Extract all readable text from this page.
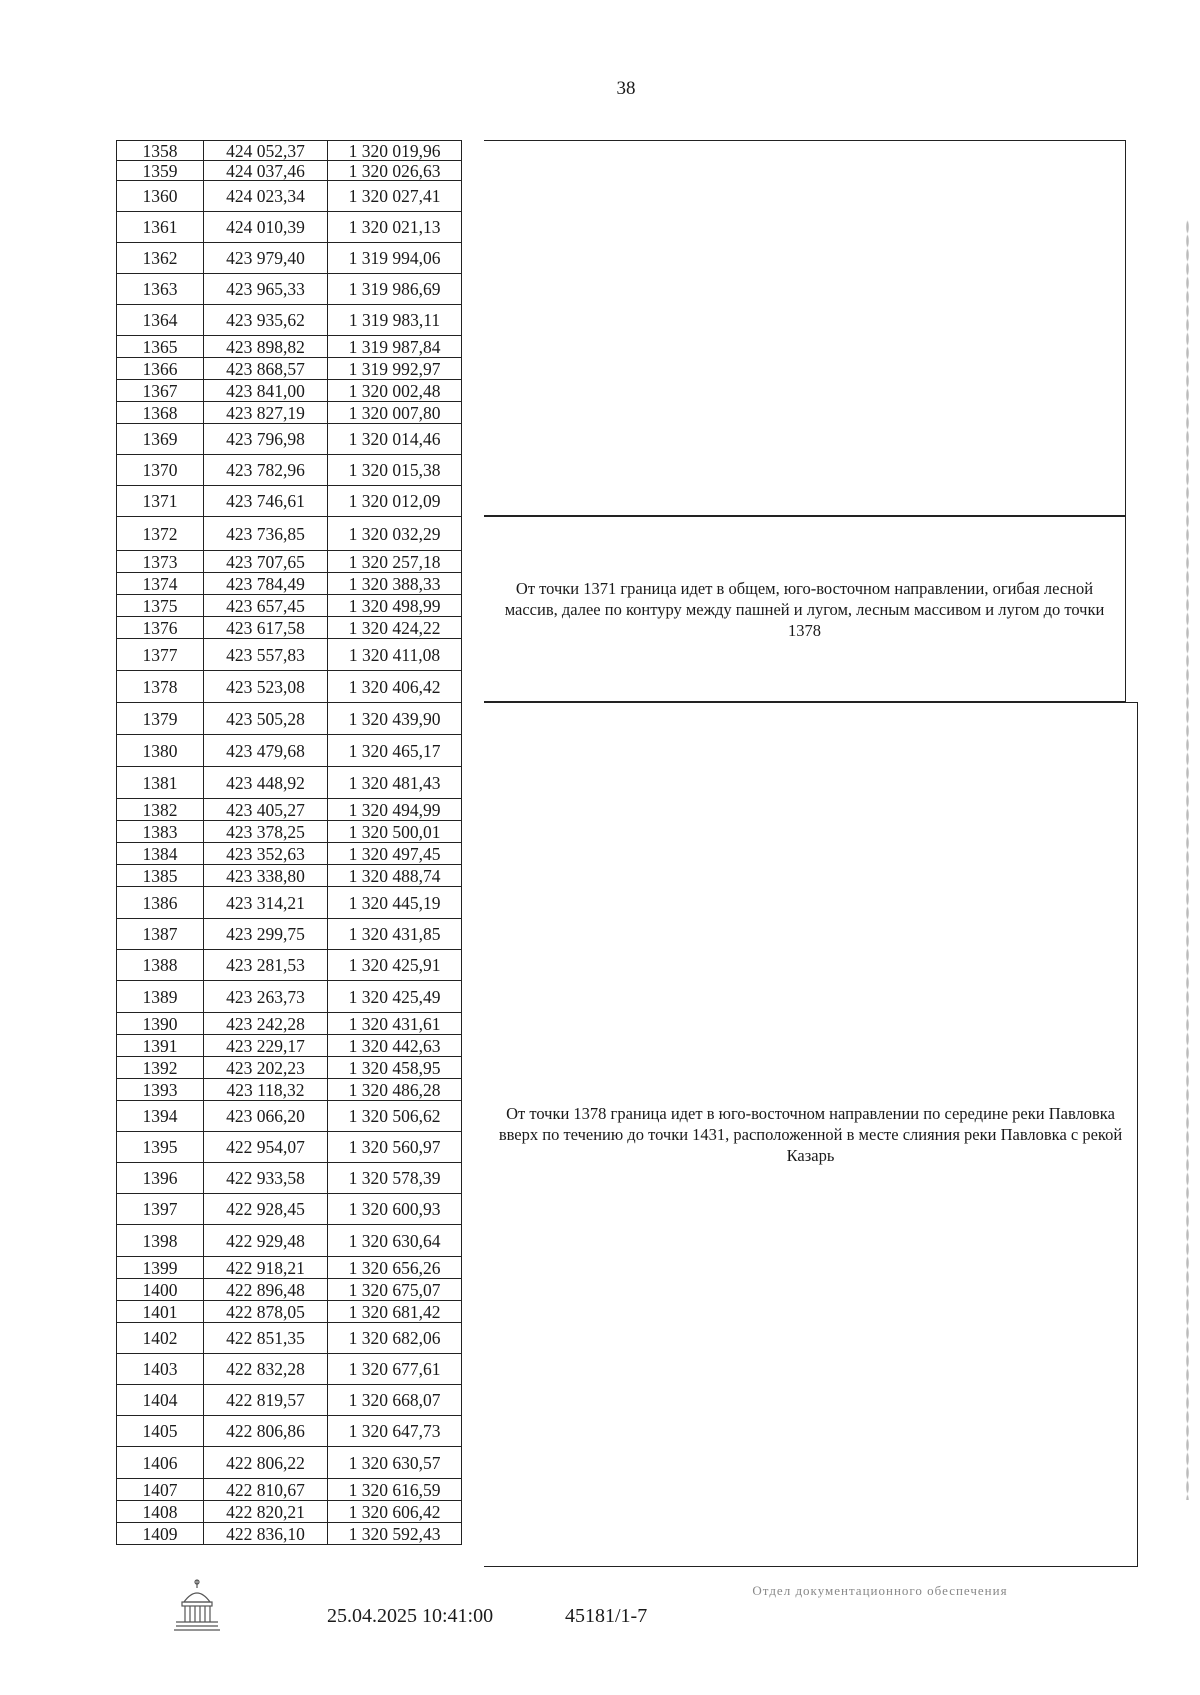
38
1358	424 052,37	1 320 019,96
1359	424 037,46	1 320 026,63
1360	424 023,34	1 320 027,41
1361	424 010,39	1 320 021,13
1362	423 979,40	1 319 994,06
1363	423 965,33	1 319 986,69
1364	423 935,62	1 319 983,11
1365	423 898,82	1 319 987,84
1366	423 868,57	1 319 992,97
1367	423 841,00	1 320 002,48
1368	423 827,19	1 320 007,80
1369	423 796,98	1 320 014,46
1370	423 782,96	1 320 015,38
1371	423 746,61	1 320 012,09
1372	423 736,85	1 320 032,29
1373	423 707,65	1 320 257,18
1374	423 784,49	1 320 388,33
1375	423 657,45	1 320 498,99
1376	423 617,58	1 320 424,22
1377	423 557,83	1 320 411,08
1378	423 523,08	1 320 406,42
1379	423 505,28	1 320 439,90
1380	423 479,68	1 320 465,17
1381	423 448,92	1 320 481,43
1382	423 405,27	1 320 494,99
1383	423 378,25	1 320 500,01
1384	423 352,63	1 320 497,45
1385	423 338,80	1 320 488,74
1386	423 314,21	1 320 445,19
1387	423 299,75	1 320 431,85
1388	423 281,53	1 320 425,91
1389	423 263,73	1 320 425,49
1390	423 242,28	1 320 431,61
1391	423 229,17	1 320 442,63
1392	423 202,23	1 320 458,95
1393	423 118,32	1 320 486,28
1394	423 066,20	1 320 506,62
1395	422 954,07	1 320 560,97
1396	422 933,58	1 320 578,39
1397	422 928,45	1 320 600,93
1398	422 929,48	1 320 630,64
1399	422 918,21	1 320 656,26
1400	422 896,48	1 320 675,07
1401	422 878,05	1 320 681,42
1402	422 851,35	1 320 682,06
1403	422 832,28	1 320 677,61
1404	422 819,57	1 320 668,07
1405	422 806,86	1 320 647,73
1406	422 806,22	1 320 630,57
1407	422 810,67	1 320 616,59
1408	422 820,21	1 320 606,42
1409	422 836,10	1 320 592,43
От точки 1371 граница идет в общем, юго-восточном направлении, огибая лесной массив, далее по контуру между пашней и лугом, лесным массивом и лугом до точки 1378
От точки 1378 граница идет в юго-восточном направлении по середине реки Павловка вверх по течению до точки 1431, расположенной в месте слияния реки Павловка с рекой Казарь
25.04.2025 10:41:00	45181/1-7
Отдел документационного обеспечения
